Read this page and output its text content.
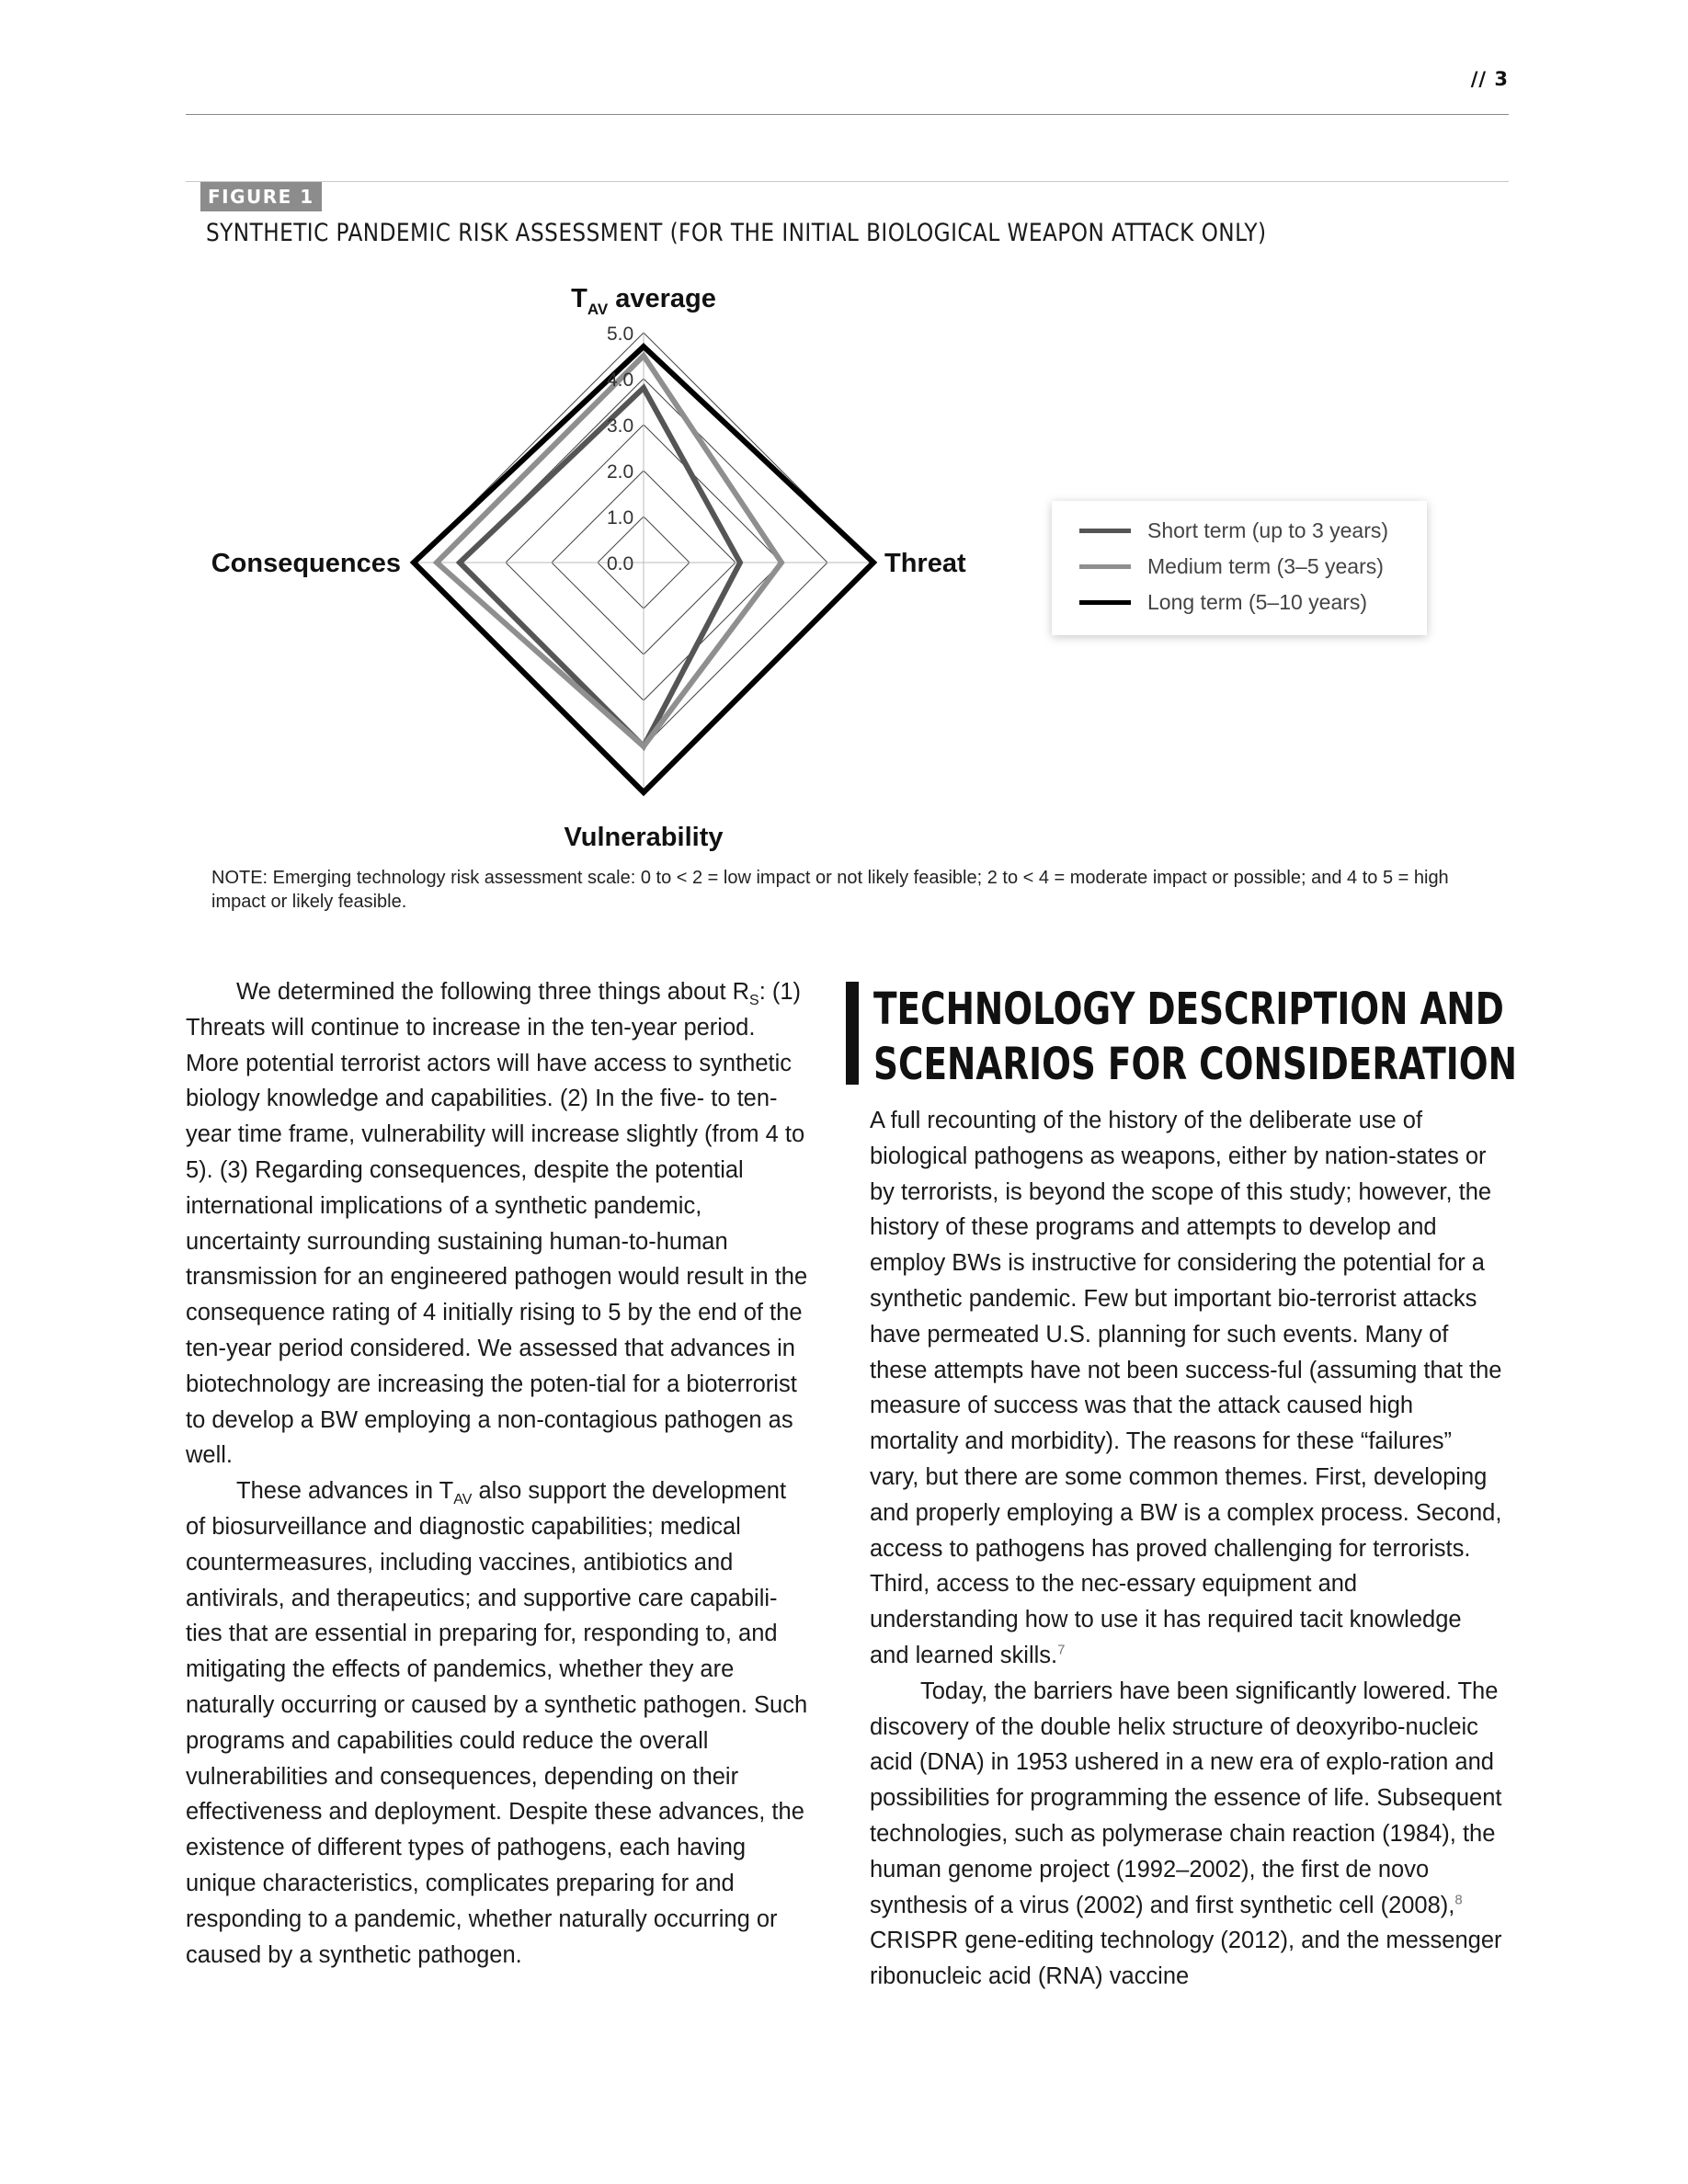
// 3
FIGURE 1
SYNTHETIC PANDEMIC RISK ASSESSMENT (FOR THE INITIAL BIOLOGICAL WEAPON ATTACK ONLY)
0.0
1.0
2.0
3.0
4.0
5.0
$T_{AV}$ average
Threat
Vulnerability
Consequences
Short term (up to 3 years)
Medium term (3–5 years)
Long term (5–10 years)
NOTE: Emerging technology risk assessment scale: 0 to < 2 = low impact or not likely feasible; 2 to < 4 = moderate impact or possible; and 4 to 5 = high impact or likely feasible.

We determined the following three things about $R_S$: (1) Threats will continue to increase in the ten-year period. More potential terrorist actors will have access to synthetic biology knowledge and capabilities. (2) In the five- to ten-year time frame, vulnerability will increase slightly (from 4 to 5). (3) Regarding consequences, despite the potential international implications of a synthetic pandemic, uncertainty surrounding sustaining human-to-human transmission for an engineered pathogen would result in the consequence rating of 4 initially rising to 5 by the end of the ten-year period considered. We assessed that advances in biotechnology are increasing the poten-tial for a bioterrorist to develop a BW employing a non-contagious pathogen as well.

These advances in $T_{AV}$ also support the development of biosurveillance and diagnostic capabilities; medical countermeasures, including vaccines, antibiotics and antivirals, and therapeutics; and supportive care capabili-ties that are essential in preparing for, responding to, and mitigating the effects of pandemics, whether they are naturally occurring or caused by a synthetic pathogen. Such programs and capabilities could reduce the overall vulnerabilities and consequences, depending on their effectiveness and deployment. Despite these advances, the existence of different types of pathogens, each having unique characteristics, complicates preparing for and responding to a pandemic, whether naturally occurring or caused by a synthetic pathogen.

TECHNOLOGY DESCRIPTION AND
SCENARIOS FOR CONSIDERATION

A full recounting of the history of the deliberate use of biological pathogens as weapons, either by nation-states or by terrorists, is beyond the scope of this study; however, the history of these programs and attempts to develop and employ BWs is instructive for considering the potential for a synthetic pandemic. Few but important bio-terrorist attacks have permeated U.S. planning for such events. Many of these attempts have not been success-ful (assuming that the measure of success was that the attack caused high mortality and morbidity). The reasons for these “failures” vary, but there are some common themes. First, developing and properly employing a BW is a complex process. Second, access to pathogens has proved challenging for terrorists. Third, access to the nec-essary equipment and understanding how to use it has required tacit knowledge and learned skills.$^7$

Today, the barriers have been significantly lowered. The discovery of the double helix structure of deoxyribo-nucleic acid (DNA) in 1953 ushered in a new era of explo-ration and possibilities for programming the essence of life. Subsequent technologies, such as polymerase chain reaction (1984), the human genome project (1992–2002), the first de novo synthesis of a virus (2002) and first synthetic cell (2008),$^8$ CRISPR gene-editing technology (2012), and the messenger ribonucleic acid (RNA) vaccine
